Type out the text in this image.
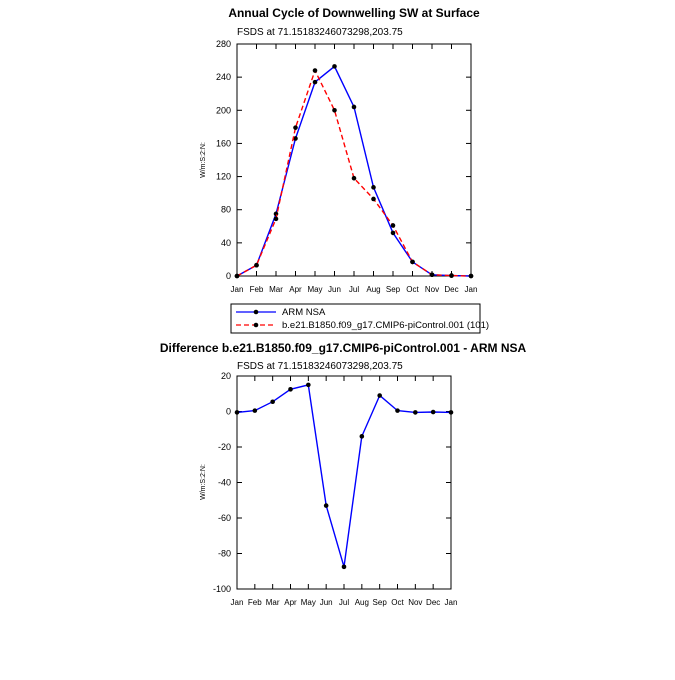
Annual Cycle of Downwelling SW at Surface
FSDS at 71.15183246073298,203.75
W/m:S:2:N:
Difference b.e21.B1850.f09_g17.CMIP6-piControl.001 - ARM NSA
FSDS at 71.15183246073298,203.75
W/m:S:2:N:
ARM NSA
b.e21.B1850.f09_g17.CMIP6-piControl.001 (101)
Jan Feb Mar Apr May Jun Jul Aug Sep Oct Nov Dec Jan
0
40
80
120
160
200
240
280
Jan Feb Mar Apr May Jun Jul Aug Sep Oct Nov Dec Jan
20
0
-20
-40
-60
-80
-100
